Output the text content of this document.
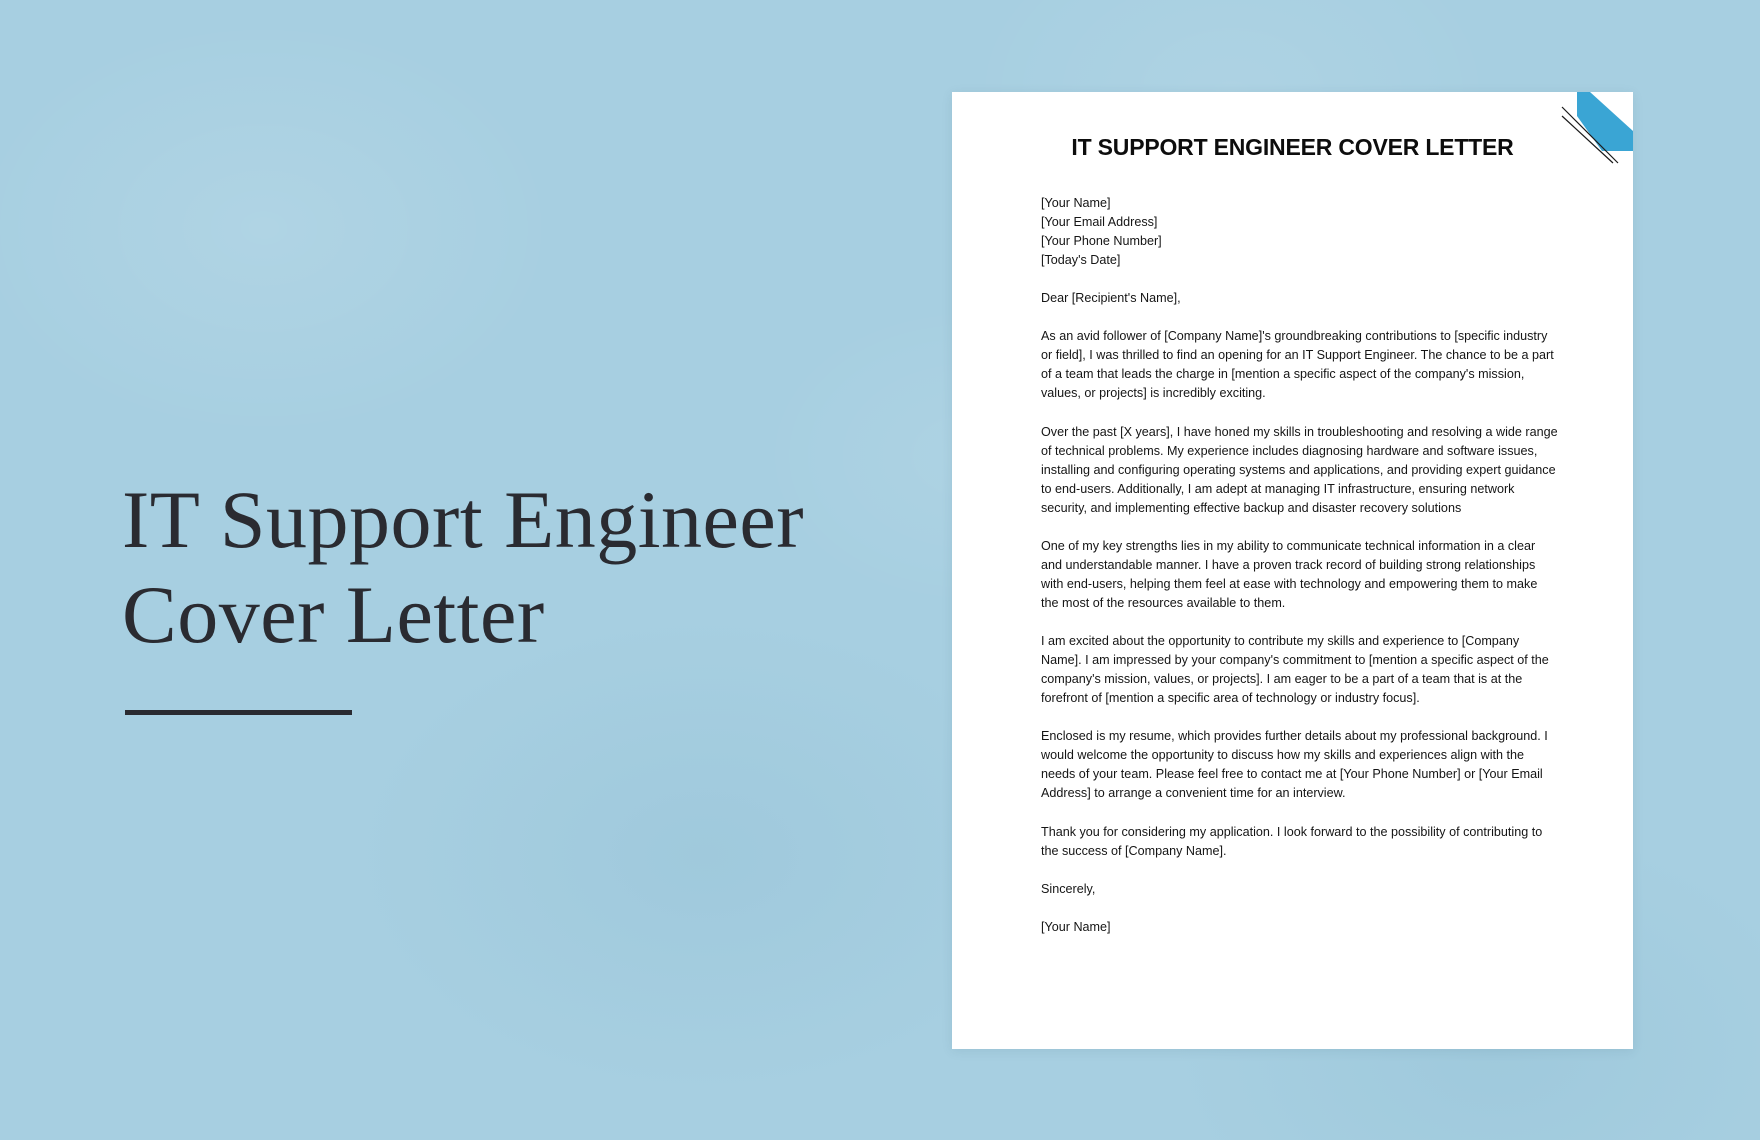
IT Support Engineer
Cover Letter
IT SUPPORT ENGINEER COVER LETTER
[Your Name]
[Your Email Address]
[Your Phone Number]
[Today's Date]
Dear [Recipient's Name],
As an avid follower of [Company Name]'s groundbreaking contributions to [specific industry
or field], I was thrilled to find an opening for an IT Support Engineer. The chance to be a part
of a team that leads the charge in [mention a specific aspect of the company's mission,
values, or projects] is incredibly exciting.
Over the past [X years], I have honed my skills in troubleshooting and resolving a wide range
of technical problems. My experience includes diagnosing hardware and software issues,
installing and configuring operating systems and applications, and providing expert guidance
to end-users. Additionally, I am adept at managing IT infrastructure, ensuring network
security, and implementing effective backup and disaster recovery solutions
One of my key strengths lies in my ability to communicate technical information in a clear
and understandable manner. I have a proven track record of building strong relationships
with end-users, helping them feel at ease with technology and empowering them to make
the most of the resources available to them.
I am excited about the opportunity to contribute my skills and experience to [Company
Name]. I am impressed by your company's commitment to [mention a specific aspect of the
company's mission, values, or projects]. I am eager to be a part of a team that is at the
forefront of [mention a specific area of technology or industry focus].
Enclosed is my resume, which provides further details about my professional background. I
would welcome the opportunity to discuss how my skills and experiences align with the
needs of your team. Please feel free to contact me at [Your Phone Number] or [Your Email
Address] to arrange a convenient time for an interview.
Thank you for considering my application. I look forward to the possibility of contributing to
the success of [Company Name].
Sincerely,
[Your Name]
